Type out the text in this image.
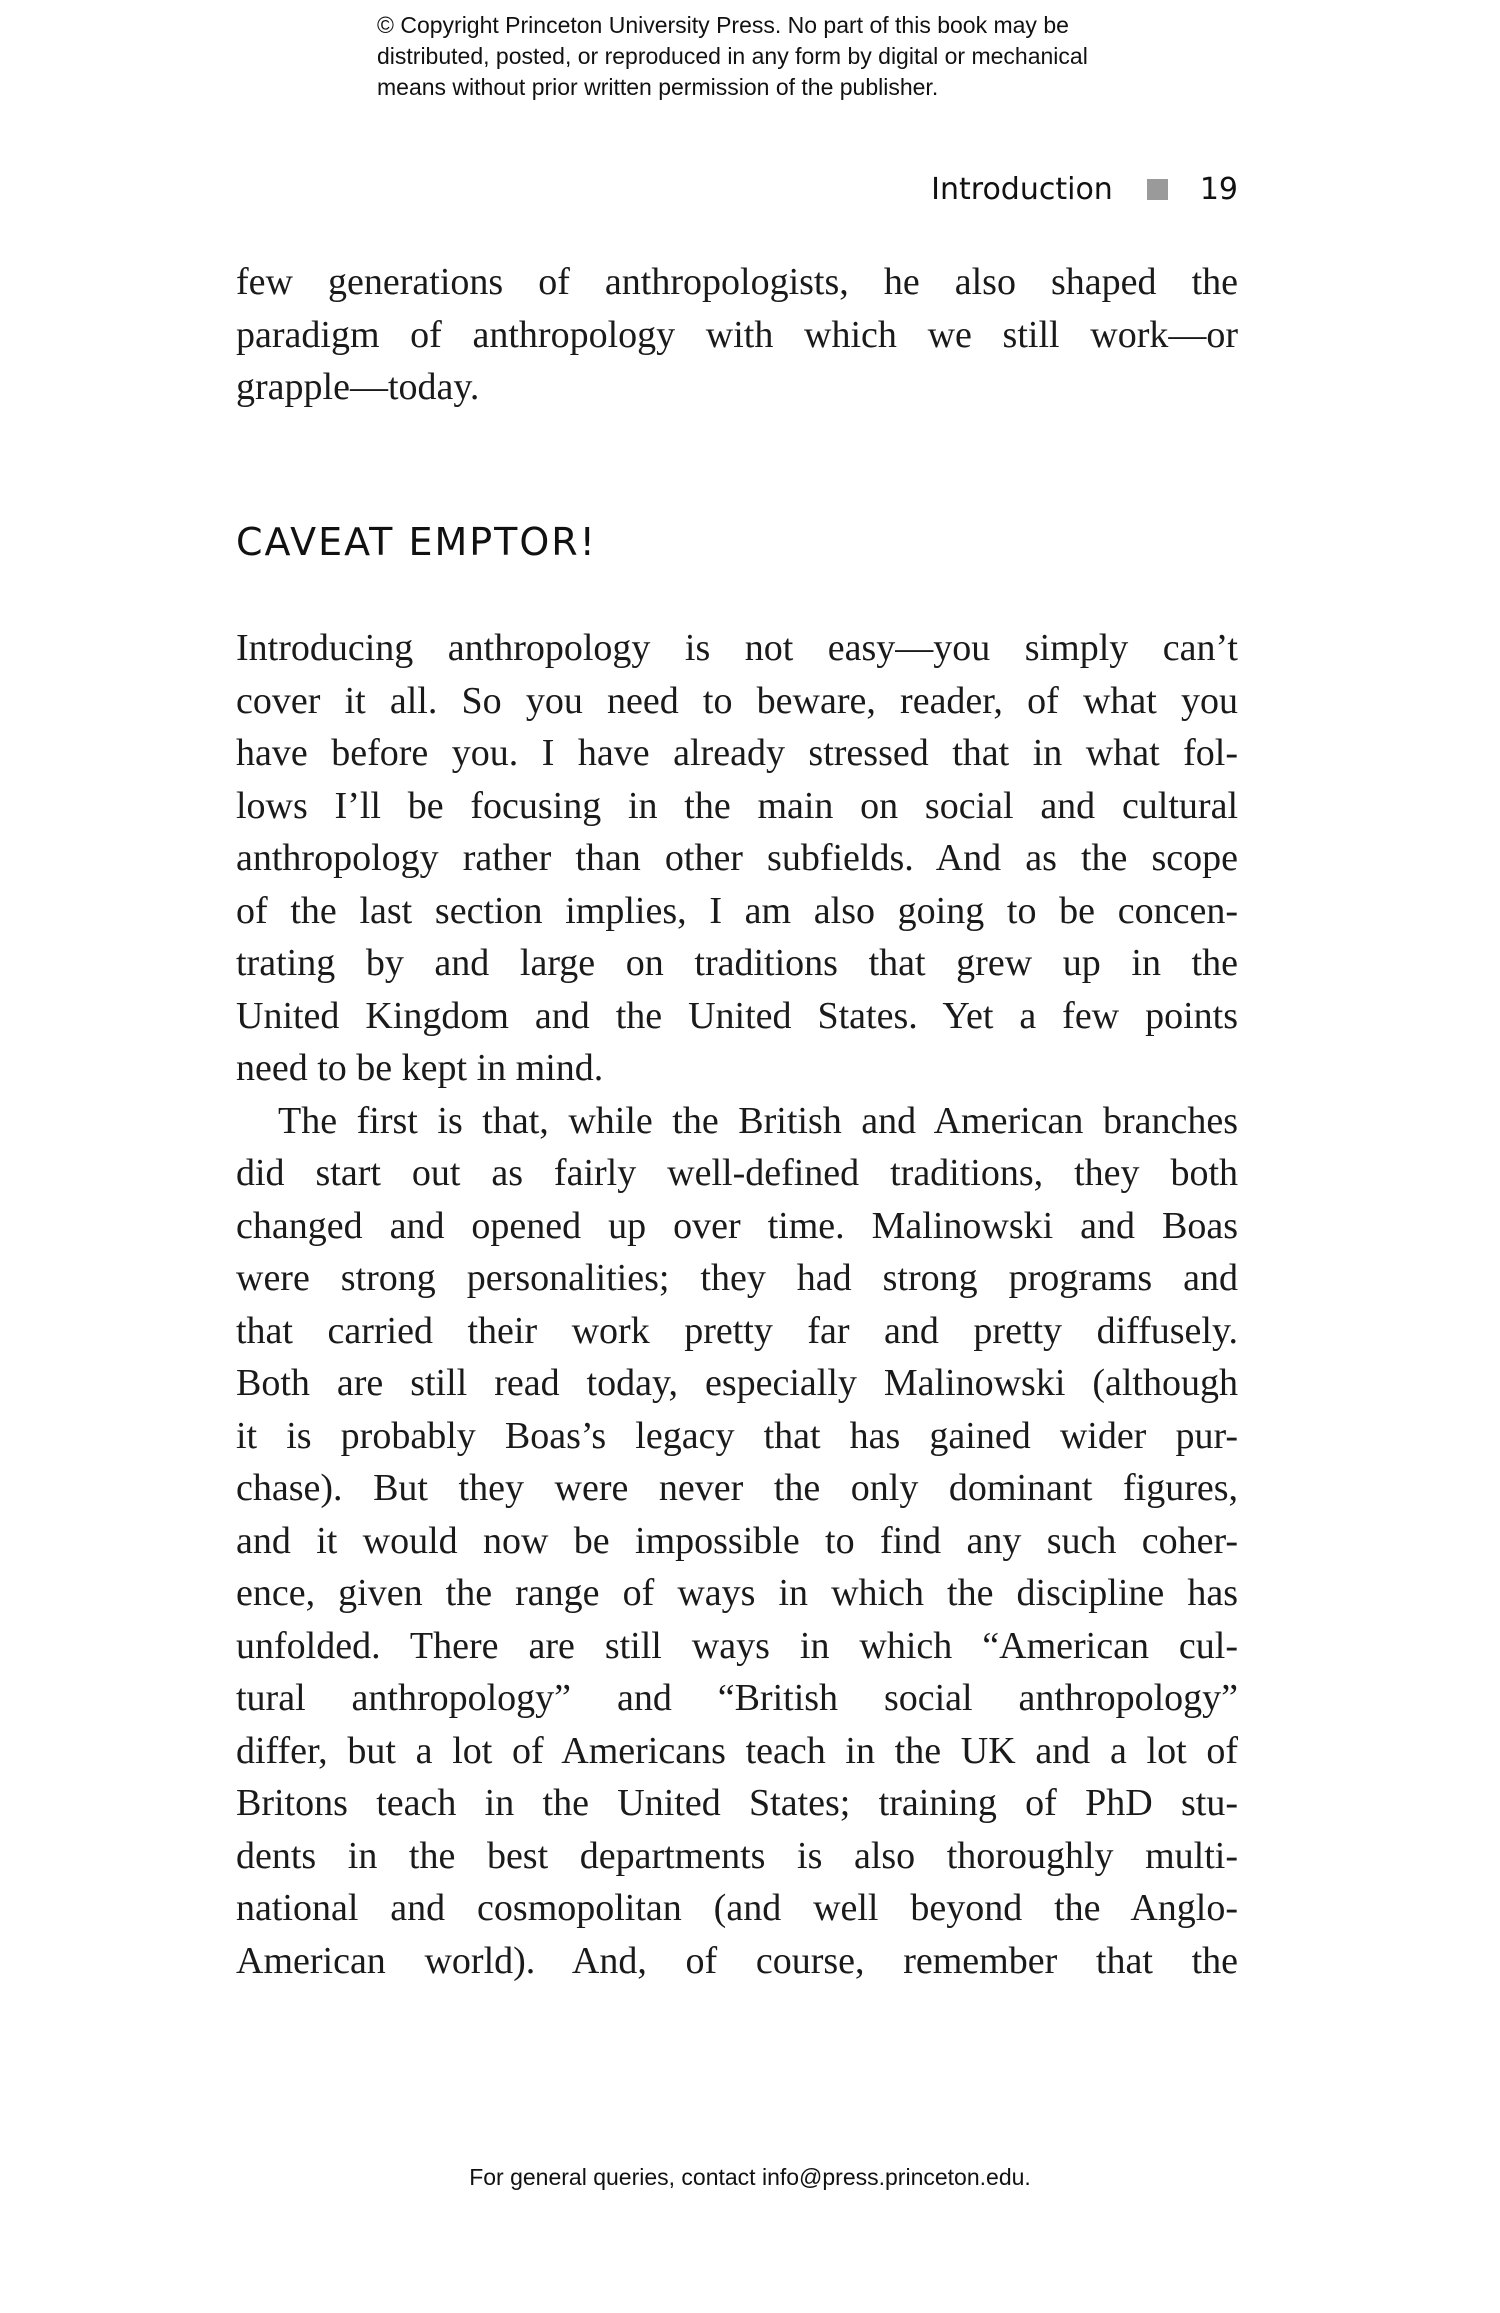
© Copyright Princeton University Press. No part of this book may be
distributed, posted, or reproduced in any form by digital or mechanical
means without prior written permission of the publisher.
Introduction	19
few generations of anthropologists, he also shaped the
paradigm of anthropology with which we still work—or
grapple—today.
CAVEAT EMPTOR!
Introducing anthropology is not easy—you simply can’t
cover it all. So you need to beware, reader, of what you
have before you. I have already stressed that in what fol-
lows I’ll be focusing in the main on social and cultural
anthropology rather than other subfields. And as the scope
of the last section implies, I am also going to be concen-
trating by and large on traditions that grew up in the
United Kingdom and the United States. Yet a few points
need to be kept in mind.
The first is that, while the British and American branches
did start out as fairly well-defined traditions, they both
changed and opened up over time. Malinowski and Boas
were strong personalities; they had strong programs and
that carried their work pretty far and pretty diffusely.
Both are still read today, especially Malinowski (although
it is probably Boas’s legacy that has gained wider pur-
chase). But they were never the only dominant figures,
and it would now be impossible to find any such coher-
ence, given the range of ways in which the discipline has
unfolded. There are still ways in which “American cul-
tural anthropology” and “British social anthropology”
differ, but a lot of Americans teach in the UK and a lot of
Britons teach in the United States; training of PhD stu-
dents in the best departments is also thoroughly multi-
national and cosmopolitan (and well beyond the Anglo-
American world). And, of course, remember that the
For general queries, contact info@press.princeton.edu.
